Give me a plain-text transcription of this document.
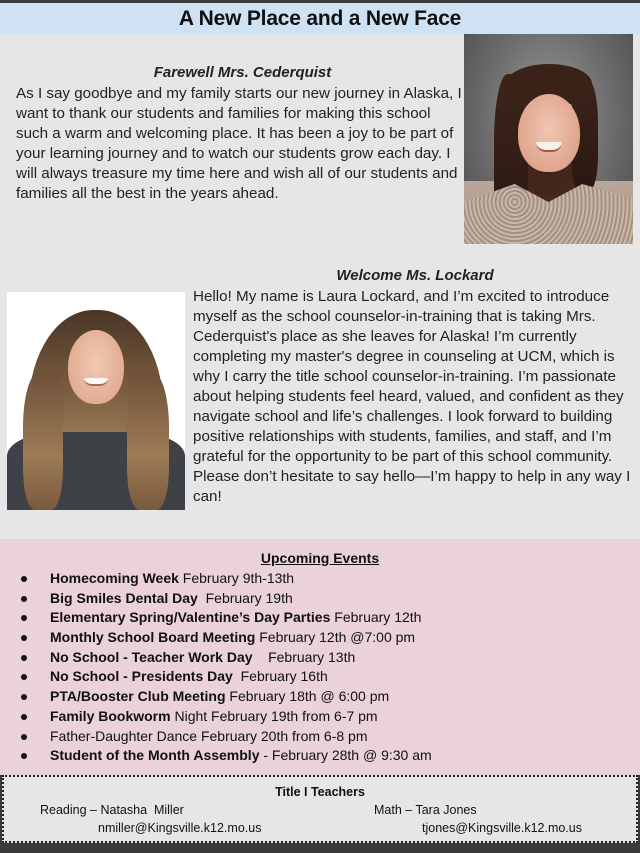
A New Place and a New Face
Farewell Mrs. Cederquist
As I say goodbye and my family starts our new journey in Alaska, I want to thank our students and families for making this school such a warm and welcoming place. It has been a joy to be part of your learning journey and to watch our students grow each day. I will always treasure my time here and wish all of our students and families all the best in the years ahead.
Welcome Ms. Lockard
Hello! My name is Laura Lockard, and I’m excited to introduce myself as the school counselor-in-training that is taking Mrs. Cederquist's place as she leaves for Alaska! I’m currently completing my master's degree in counseling at UCM, which is why I carry the title school counselor-in-training. I’m passionate about helping students feel heard, valued, and confident as they navigate school and life’s challenges. I look forward to building positive relationships with students, families, and staff, and I’m grateful for the opportunity to be part of this school community. Please don’t hesitate to say hello—I’m happy to help in any way I can!
Upcoming Events
Homecoming Week February 9th-13th
Big Smiles Dental Day  February 19th
Elementary Spring/Valentine’s Day Parties February 12th
Monthly School Board Meeting February 12th @7:00 pm
No School - Teacher Work Day    February 13th
No School - Presidents Day  February 16th
PTA/Booster Club Meeting February 18th @ 6:00 pm
Family Bookworm Night February 19th from 6-7 pm
Father-Daughter Dance February 20th from 6-8 pm
Student of the Month Assembly - February 28th @ 9:30 am
Title I Teachers
Reading – Natasha  Miller
nmiller@Kingsville.k12.mo.us
Math – Tara Jones
tjones@Kingsville.k12.mo.us
